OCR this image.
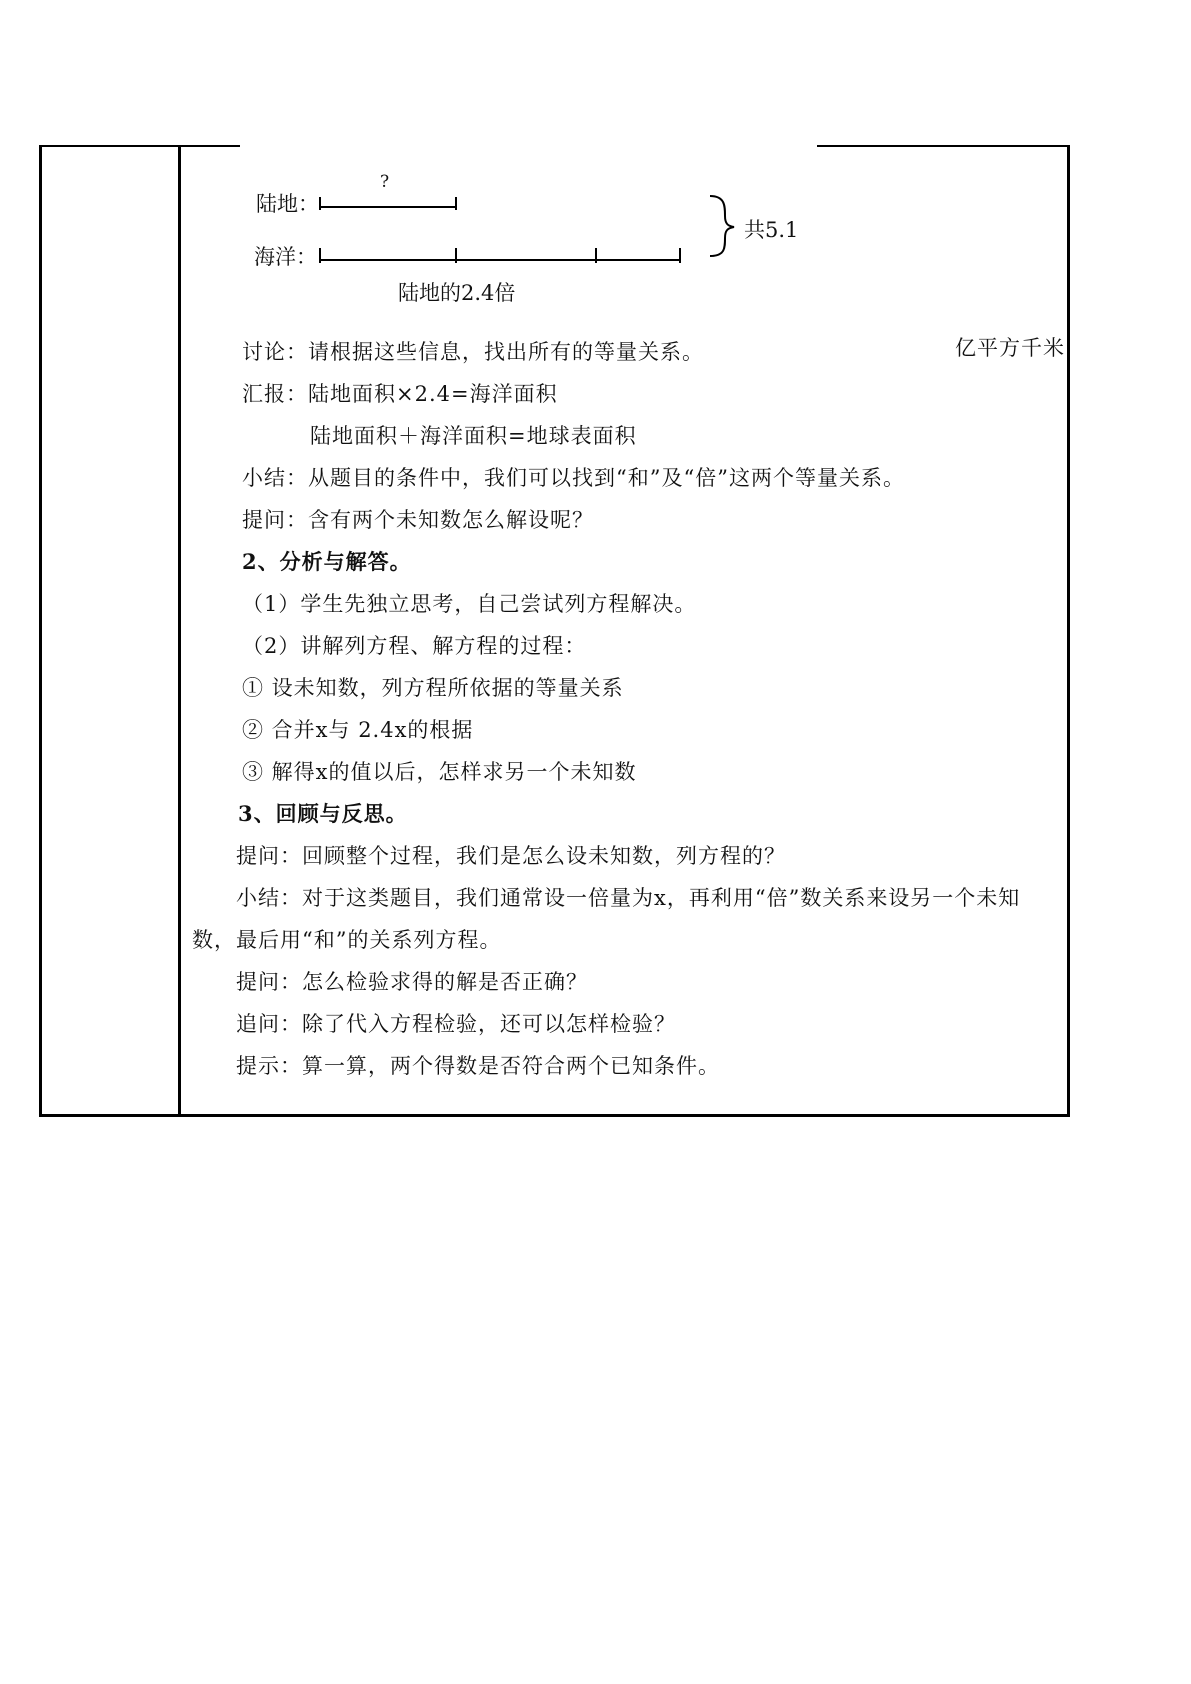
陆地：
海洋：
?
共5.1
陆地的2.4倍
亿平方千米
讨论：请根据这些信息，找出所有的等量关系。
汇报：陆地面积×2.4=海洋面积
陆地面积＋海洋面积=地球表面积
小结：从题目的条件中，我们可以找到“和”及“倍”这两个等量关系。
提问：含有两个未知数怎么解设呢？
2、分析与解答。
（1）学生先独立思考，自己尝试列方程解决。
（2）讲解列方程、解方程的过程：
① 设未知数，列方程所依据的等量关系
② 合并x与 2.4x的根据
③ 解得x的值以后，怎样求另一个未知数
3、回顾与反思。
提问：回顾整个过程，我们是怎么设未知数，列方程的？
小结：对于这类题目，我们通常设一倍量为x，再利用“倍”数关系来设另一个未知
数，最后用“和”的关系列方程。
提问：怎么检验求得的解是否正确？
追问：除了代入方程检验，还可以怎样检验？
提示：算一算，两个得数是否符合两个已知条件。
